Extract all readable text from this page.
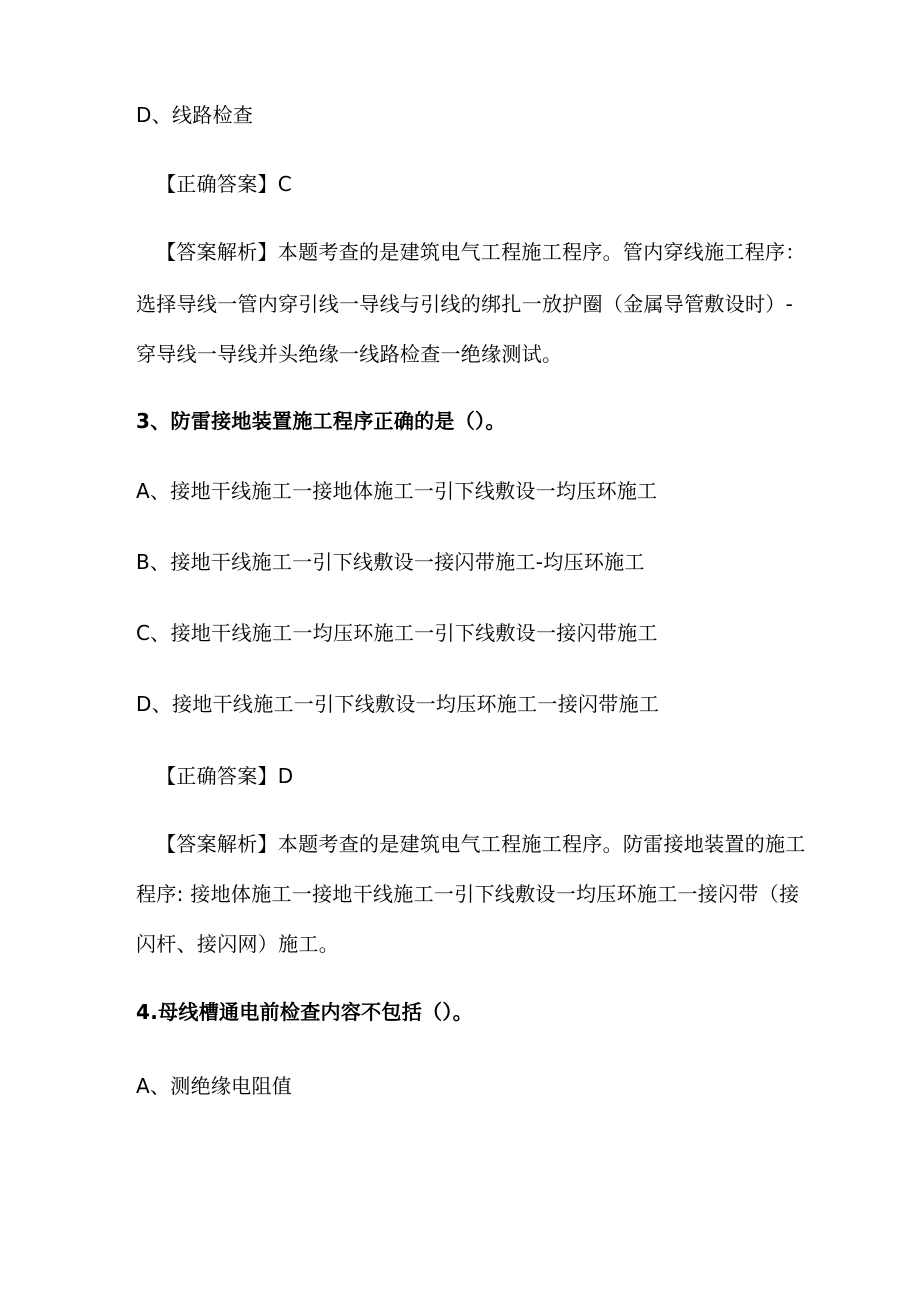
D、线路检查
【正确答案】C
【答案解析】本题考查的是建筑电气工程施工程序。管内穿线施工程序：
选择导线一管内穿引线一导线与引线的绑扎一放护圈（金属导管敷设时）-
穿导线一导线并头绝缘一线路检查一绝缘测试。
3、防雷接地装置施工程序正确的是（）。
A、接地干线施工一接地体施工一引下线敷设一均压环施工
B、接地干线施工一引下线敷设一接闪带施工-均压环施工
C、接地干线施工一均压环施工一引下线敷设一接闪带施工
D、接地干线施工一引下线敷设一均压环施工一接闪带施工
【正确答案】D
【答案解析】本题考查的是建筑电气工程施工程序。防雷接地装置的施工
程序: 接地体施工一接地干线施工一引下线敷设一均压环施工一接闪带（接
闪杆、接闪网）施工。
4.母线槽通电前检查内容不包括（）。
A、测绝缘电阻值
